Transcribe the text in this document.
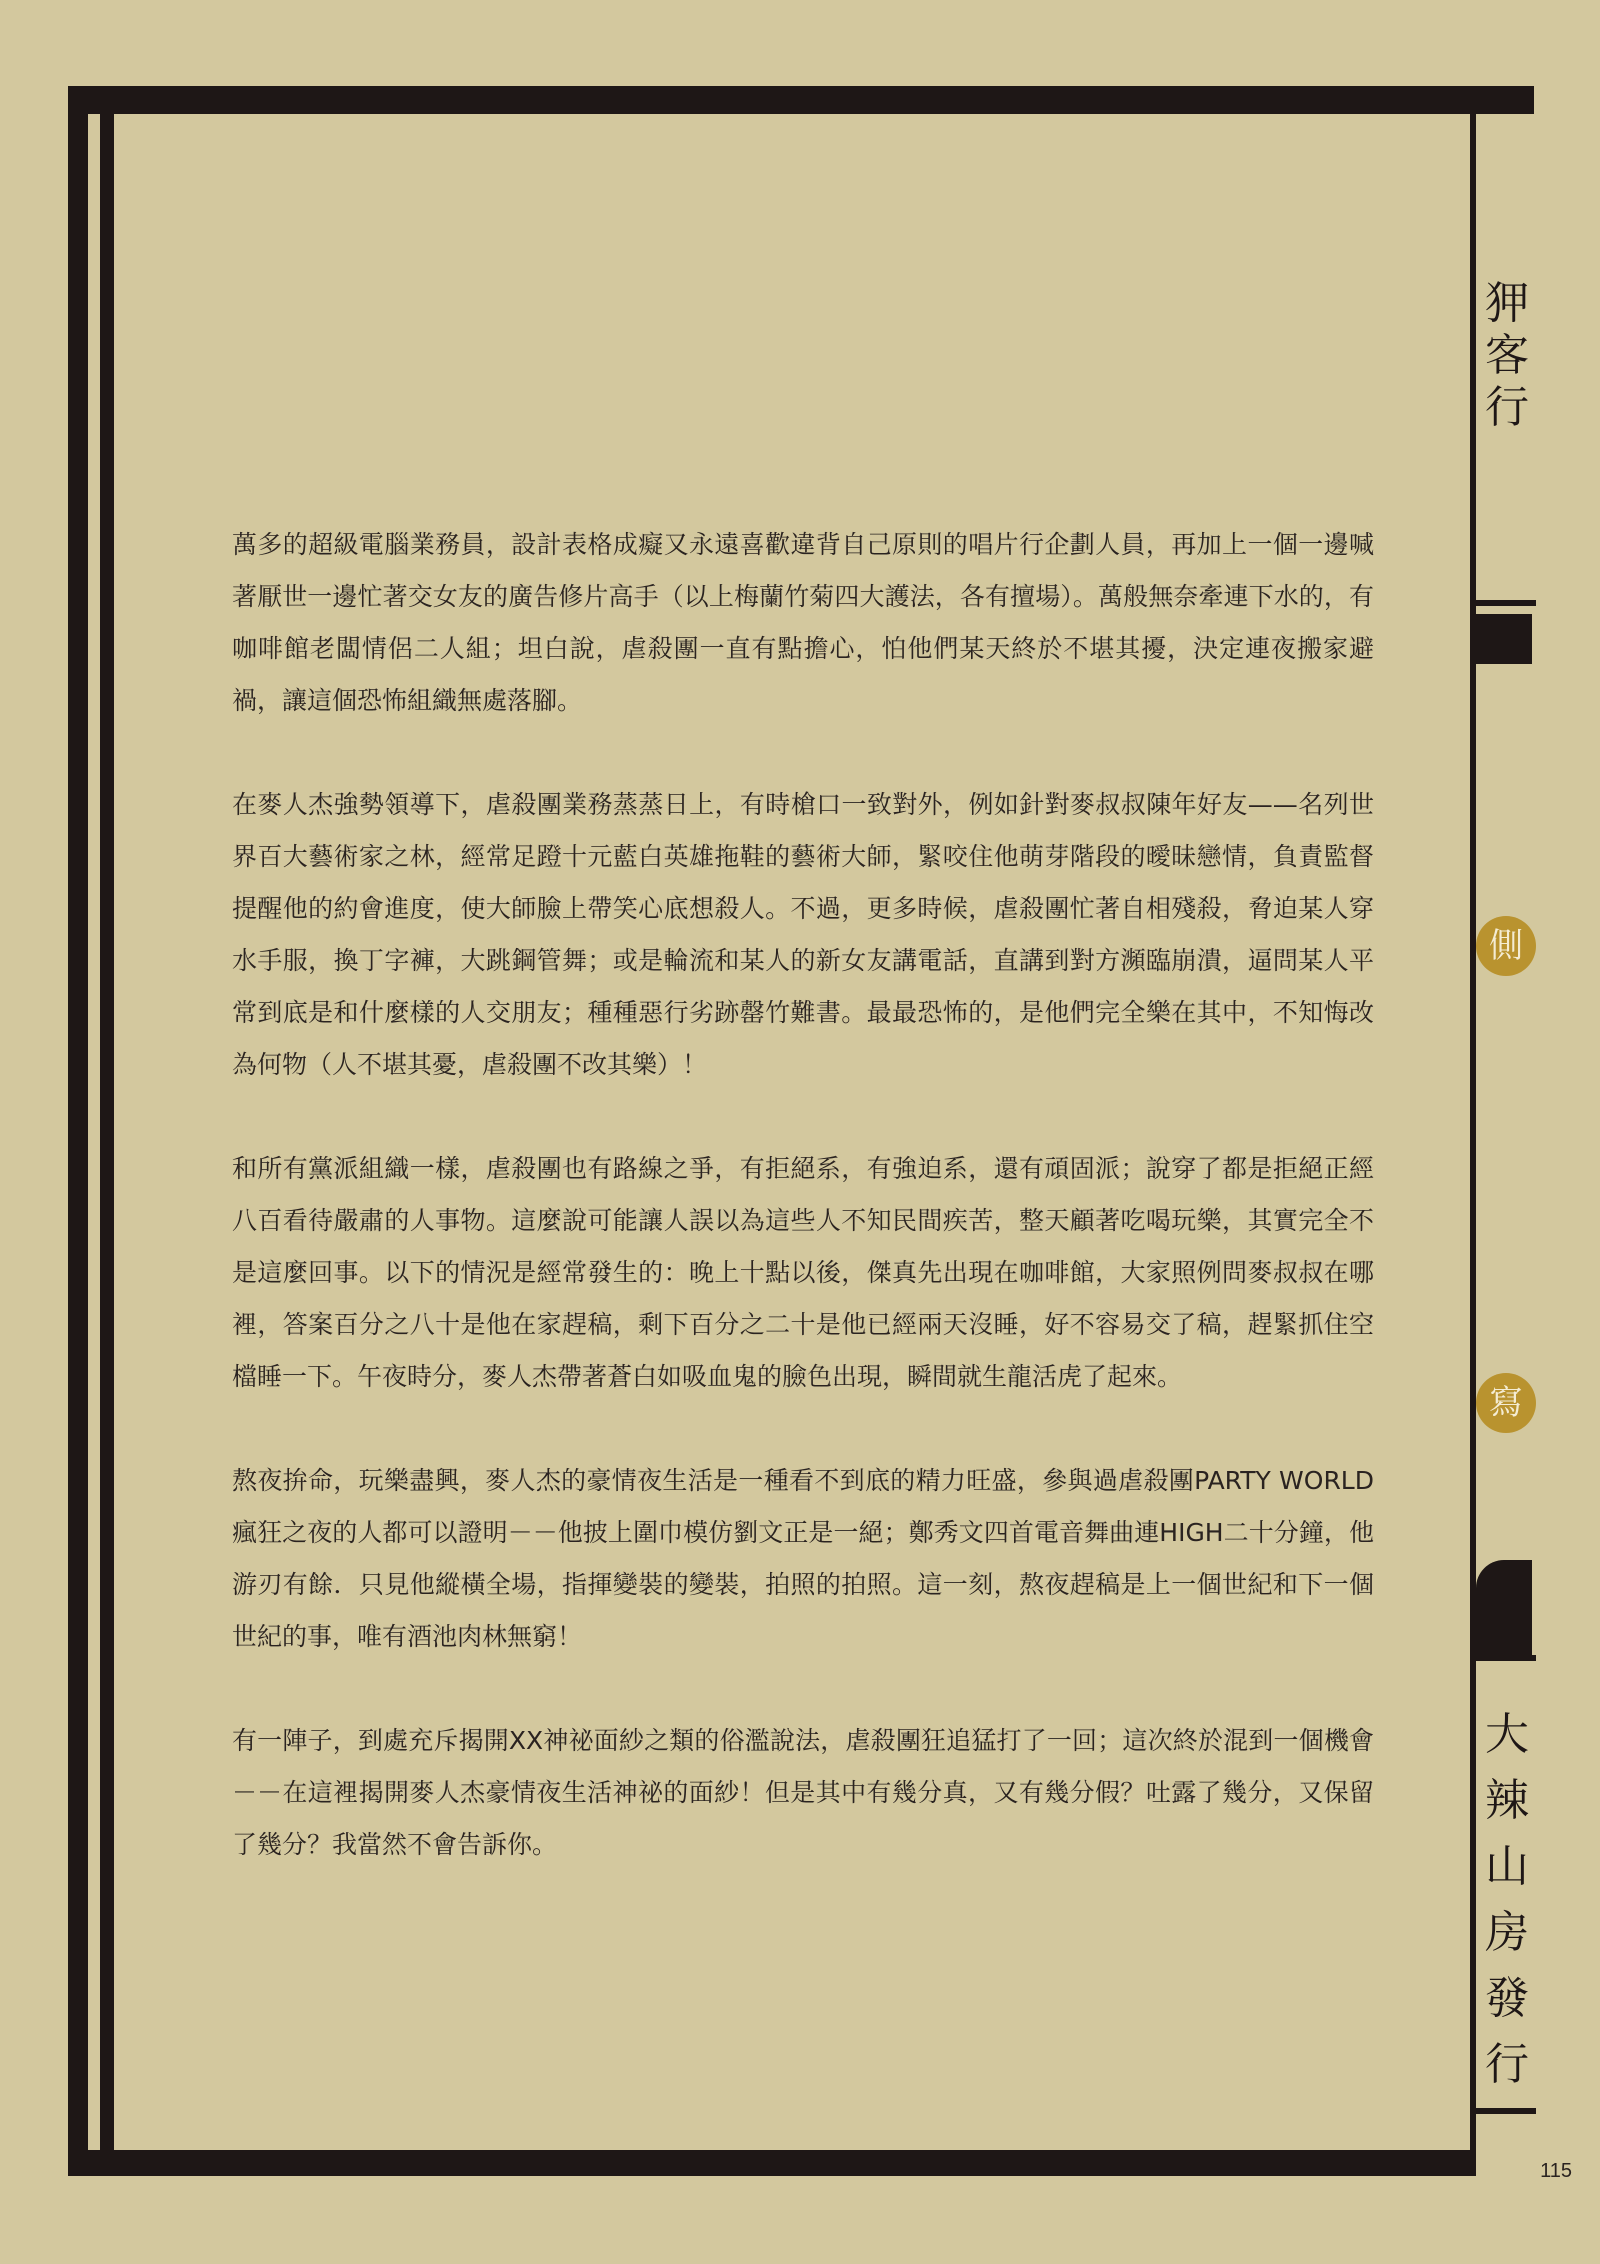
狎客行
側
寫
大辣山房發行

萬多的超級電腦業務員，設計表格成癡又永遠喜歡違背自己原則的唱片行企劃人員，再加上一個一邊喊著厭世一邊忙著交女友的廣告修片高手（以上梅蘭竹菊四大護法，各有擅場）。萬般無奈牽連下水的，有咖啡館老闆情侶二人組；坦白說，虐殺團一直有點擔心，怕他們某天終於不堪其擾，決定連夜搬家避禍，讓這個恐怖組織無處落腳。

在麥人杰強勢領導下，虐殺團業務蒸蒸日上，有時槍口一致對外，例如針對麥叔叔陳年好友——名列世界百大藝術家之林，經常足蹬十元藍白英雄拖鞋的藝術大師，緊咬住他萌芽階段的曖昧戀情，負責監督提醒他的約會進度，使大師臉上帶笑心底想殺人。不過，更多時候，虐殺團忙著自相殘殺，脅迫某人穿水手服，換丁字褲，大跳鋼管舞；或是輪流和某人的新女友講電話，直講到對方瀕臨崩潰，逼問某人平常到底是和什麼樣的人交朋友；種種惡行劣跡罄竹難書。最最恐怖的，是他們完全樂在其中，不知悔改為何物（人不堪其憂，虐殺團不改其樂）！

和所有黨派組織一樣，虐殺團也有路線之爭，有拒絕系，有強迫系，還有頑固派；說穿了都是拒絕正經八百看待嚴肅的人事物。這麼說可能讓人誤以為這些人不知民間疾苦，整天顧著吃喝玩樂，其實完全不是這麼回事。以下的情況是經常發生的：晚上十點以後，傑真先出現在咖啡館，大家照例問麥叔叔在哪裡，答案百分之八十是他在家趕稿，剩下百分之二十是他已經兩天沒睡，好不容易交了稿，趕緊抓住空檔睡一下。午夜時分，麥人杰帶著蒼白如吸血鬼的臉色出現，瞬間就生龍活虎了起來。

熬夜拚命，玩樂盡興，麥人杰的豪情夜生活是一種看不到底的精力旺盛，參與過虐殺團PARTY WORLD瘋狂之夜的人都可以證明－－他披上圍巾模仿劉文正是一絕；鄭秀文四首電音舞曲連HIGH二十分鐘，他游刃有餘．只見他縱橫全場，指揮變裝的變裝，拍照的拍照。這一刻，熬夜趕稿是上一個世紀和下一個世紀的事，唯有酒池肉林無窮！

有一陣子，到處充斥揭開XX神祕面紗之類的俗濫說法，虐殺團狂追猛打了一回；這次終於混到一個機會－－在這裡揭開麥人杰豪情夜生活神祕的面紗！但是其中有幾分真，又有幾分假？吐露了幾分，又保留了幾分？我當然不會告訴你。

115
